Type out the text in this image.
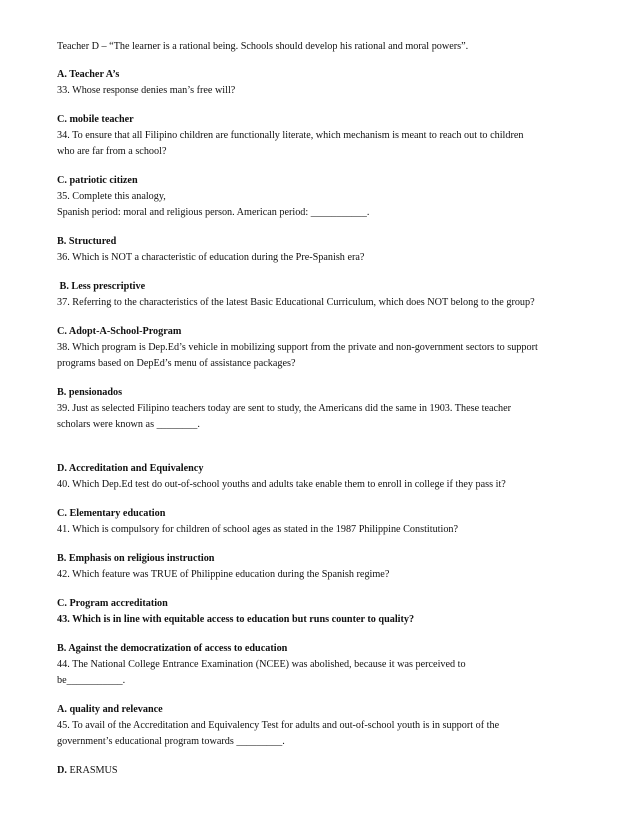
Teacher D – “The learner is a rational being. Schools should develop his rational and moral powers”.
A. Teacher A’s
33. Whose response denies man’s free will?
C. mobile teacher
34. To ensure that all Filipino children are functionally literate, which mechanism is meant to reach out to children
who are far from a school?
C. patriotic citizen
35. Complete this analogy,
Spanish period: moral and religious person. American period: ___________.
B. Structured
36. Which is NOT a characteristic of education during the Pre-Spanish era?
B. Less prescriptive
37. Referring to the characteristics of the latest Basic Educational Curriculum, which does NOT belong to the group?
C. Adopt-A-School-Program
38. Which program is Dep.Ed’s vehicle in mobilizing support from the private and non-government sectors to support
programs based on DepEd’s menu of assistance packages?
B. pensionados
39. Just as selected Filipino teachers today are sent to study, the Americans did the same in 1903. These teacher
scholars were known as ________.
D. Accreditation and Equivalency
40. Which Dep.Ed test do out-of-school youths and adults take enable them to enroll in college if they pass it?
C. Elementary education
41. Which is compulsory for children of school ages as stated in the 1987 Philippine Constitution?
B. Emphasis on religious instruction
42. Which feature was TRUE of Philippine education during the Spanish regime?
C. Program accreditation
43. Which is in line with equitable access to education but runs counter to quality?
B. Against the democratization of access to education
44. The National College Entrance Examination (NCEE) was abolished, because it was perceived to
be___________.
A. quality and relevance
45. To avail of the Accreditation and Equivalency Test for adults and out-of-school youth is in support of the
government’s educational program towards _________.
D. ERASMUS
